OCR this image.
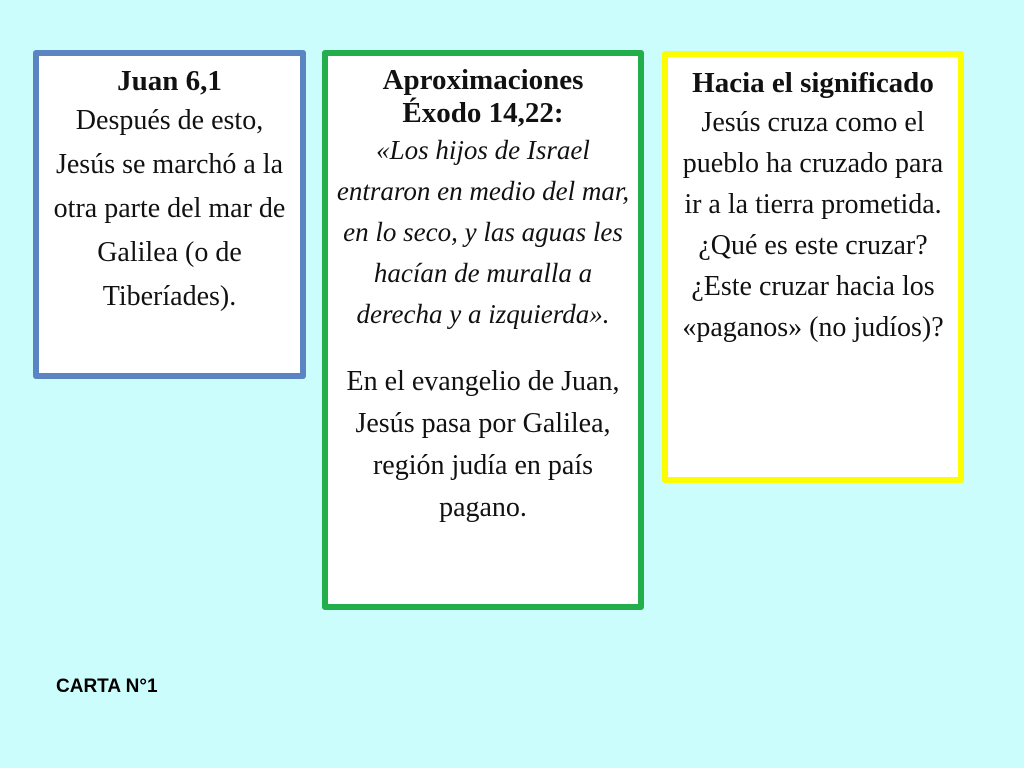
Juan 6,1
Después de esto, Jesús se marchó a la otra parte del mar de Galilea (o de Tiberíades).
Aproximaciones
Éxodo 14,22:
«Los hijos de Israel entraron en medio del mar, en lo seco, y las aguas les hacían de muralla a derecha y a izquierda».
En el evangelio de Juan, Jesús pasa por Galilea, región judía en país pagano.
Hacia el significado
Jesús cruza como el pueblo ha cruzado para ir a la tierra prometida. ¿Qué es este cruzar? ¿Este cruzar hacia los «paganos» (no judíos)?
CARTA N°1
